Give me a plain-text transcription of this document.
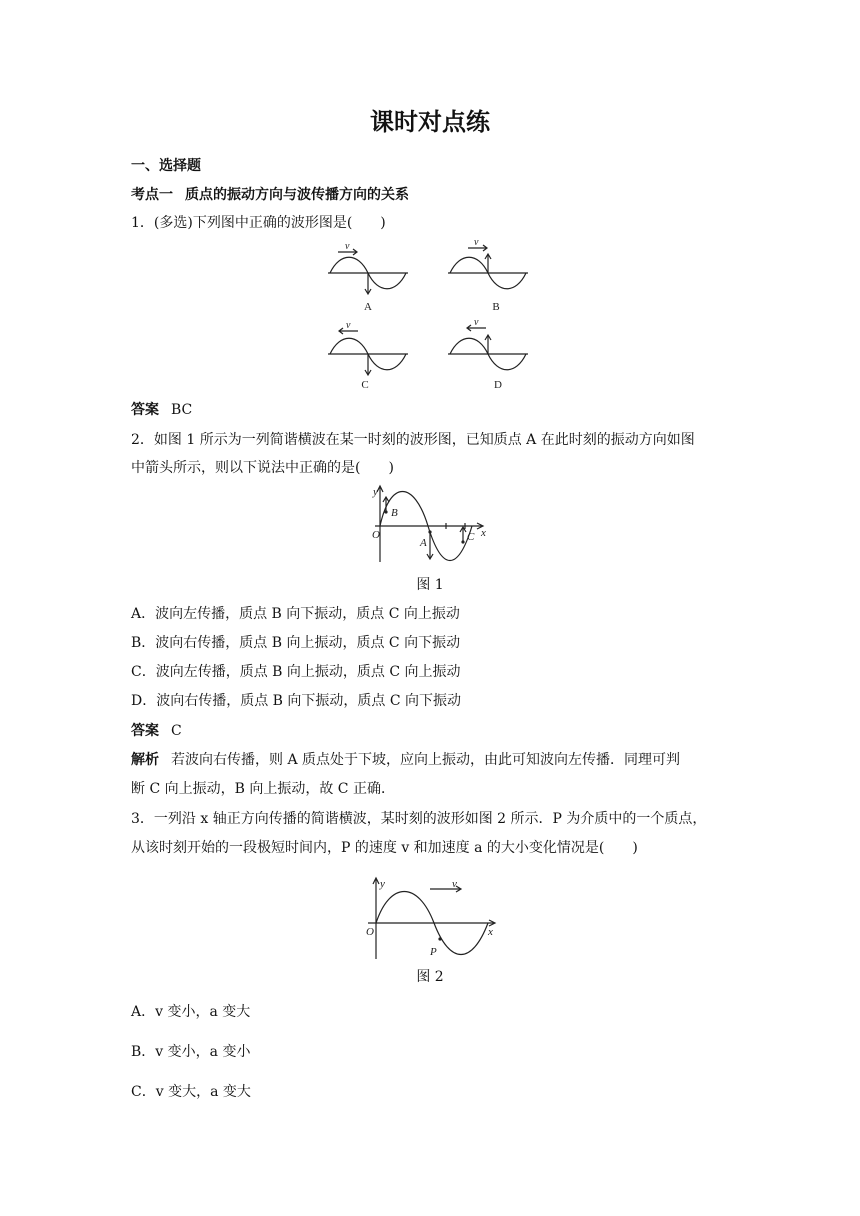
课时对点练
一、选择题
考点一 质点的振动方向与波传播方向的关系
1．(多选)下列图中正确的波形图是(　　)
v	v
v	v
A	B
C	D
答案 BC
2．如图 1 所示为一列简谐横波在某一时刻的波形图，已知质点 A 在此时刻的振动方向如图
中箭头所示，则以下说法中正确的是(　　)
y
x
O
B
A	C
图 1
A．波向左传播，质点 B 向下振动，质点 C 向上振动
B．波向右传播，质点 B 向上振动，质点 C 向下振动
C．波向左传播，质点 B 向上振动，质点 C 向上振动
D．波向右传播，质点 B 向下振动，质点 C 向下振动
答案 C
解析 若波向右传播，则 A 质点处于下坡，应向上振动，由此可知波向左传播．同理可判
断 C 向上振动，B 向上振动，故 C 正确．
3．一列沿 x 轴正方向传播的简谐横波，某时刻的波形如图 2 所示．P 为介质中的一个质点，
从该时刻开始的一段极短时间内，P 的速度 v 和加速度 a 的大小变化情况是(　　)
y
x
O
v
P
图 2
A．v 变小，a 变大
B．v 变小，a 变小
C．v 变大，a 变大
